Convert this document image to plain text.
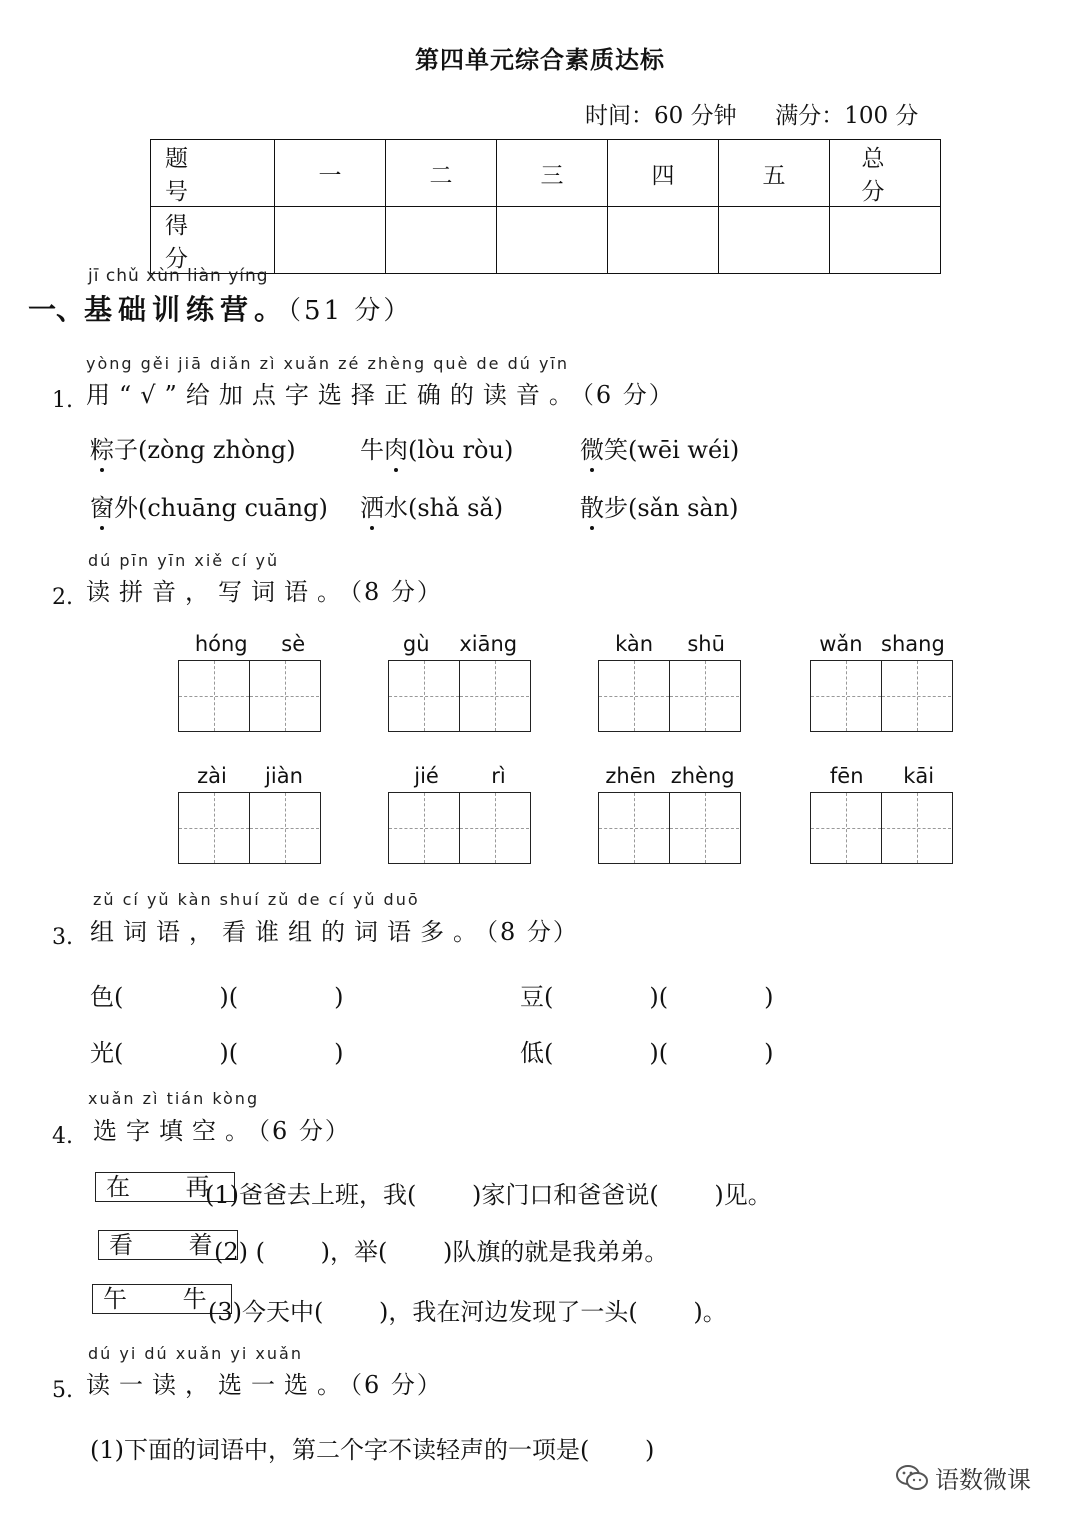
第四单元综合素质达标
时间：60 分钟 满分：100 分
题 号	一	二	三	四	五	总 分
得 分						
jī chǔ xùn liàn yíng
一、基础训练营。（51 分）
yòng gěi jiā diǎn zì xuǎn zé zhèng què de dú yīn
1. 用“√”给加点字选择正确的读音。（6 分）
粽子(zòng zhòng)	牛肉(lòu ròu)	微笑(wēi wéi)
窗外(chuāng cuāng) 洒水(shǎ sǎ)	散步(sǎn sàn)
dú pīn yīn xiě cí yǔ
2. 读拼音，写词语。（8 分）
hóng sè	gù xiāng	kàn shū	wǎn shang
zài jiàn	jié rì	zhēn zhèng	fēn kāi
zǔ cí yǔ kàn shuí zǔ de cí yǔ duō
3. 组词语，看谁组的词语多。（8 分）
色(　　　　)(　　　　)	豆(　　　　)(　　　　)
光(　　　　)(　　　　)	低(　　　　)(　　　　)
xuǎn zì tián kòng
4. 选字填空。（6 分）
在 再
(1)爸爸去上班，我(　　 )家门口和爸爸说(　　 )见。
看 着
(2) (　　 )，举(　　 )队旗的就是我弟弟。
午 牛
(3)今天中(　　 )，我在河边发现了一头(　　 )。
dú yi dú xuǎn yi xuǎn
5. 读一读，选一选。（6 分）
(1)下面的词语中，第二个字不读轻声的一项是(　　 )
语数微课
